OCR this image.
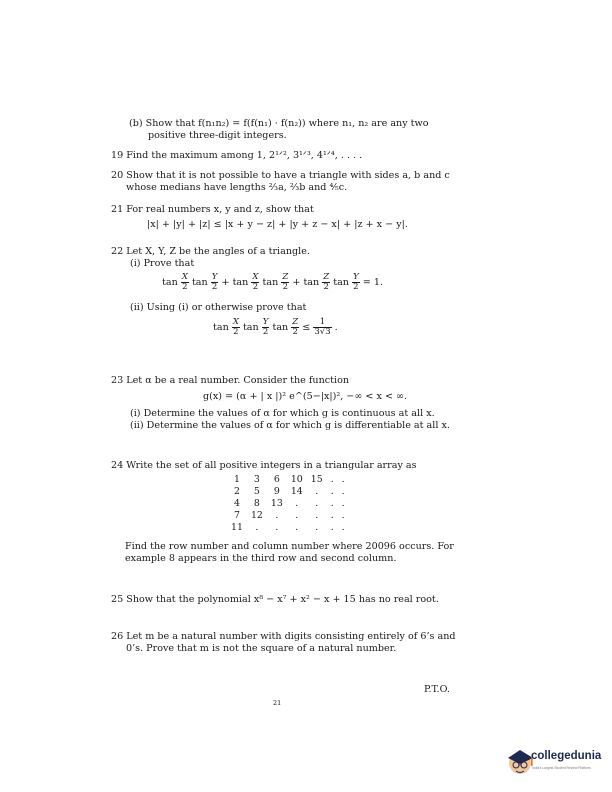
(b) Show that f(n₁n₂) = f(f(n₁) · f(n₂)) where n₁, n₂ are any two
positive three-digit integers.
19 Find the maximum among 1, 2¹ᐟ², 3¹ᐟ³, 4¹ᐟ⁴, . . . .
20 Show that it is not possible to have a triangle with sides a, b and c
whose medians have lengths ⅔a, ⅔b and ⅘c.
21 For real numbers x, y and z, show that
|x| + |y| + |z| ≤ |x + y − z| + |y + z − x| + |z + x − y|.
22 Let X, Y, Z be the angles of a triangle.
(i) Prove that
$\tan \frac{X}{2}$ $\tan \frac{Y}{2} + \tan \frac{X}{2}$ $\tan \frac{Z}{2} + \tan \frac{Z}{2}$ $\tan \frac{Y}{2} = 1$.
(ii) Using (i) or otherwise prove that
$\tan \frac{X}{2}$ $\tan \frac{Y}{2}$ $\tan \frac{Z}{2} \le \frac{1}{3√3}$ .
23 Let α be a real number. Consider the function
g(x) = (α + | x |)² e^(5−|x|)², −∞ < x < ∞.
(i) Determine the values of α for which g is continuous at all x.
(ii) Determine the values of α for which g is differentiable at all x.
24 Write the set of all positive integers in a triangular array as
1	3	6	10	15	.	.
2	5	9	14	.	.	.
4	8	13	.	.	.	.
7	12	.	.	.	.	.
11	.	.	.	.	.	.
Find the row number and column number where 20096 occurs. For
example 8 appears in the third row and second column.
25 Show that the polynomial x⁸ − x⁷ + x² − x + 15 has no real root.
26 Let m be a natural number with digits consisting entirely of 6’s and
0’s. Prove that m is not the square of a natural number.
P.T.O.
21
collegedunia
India's Largest Student Review Platform
